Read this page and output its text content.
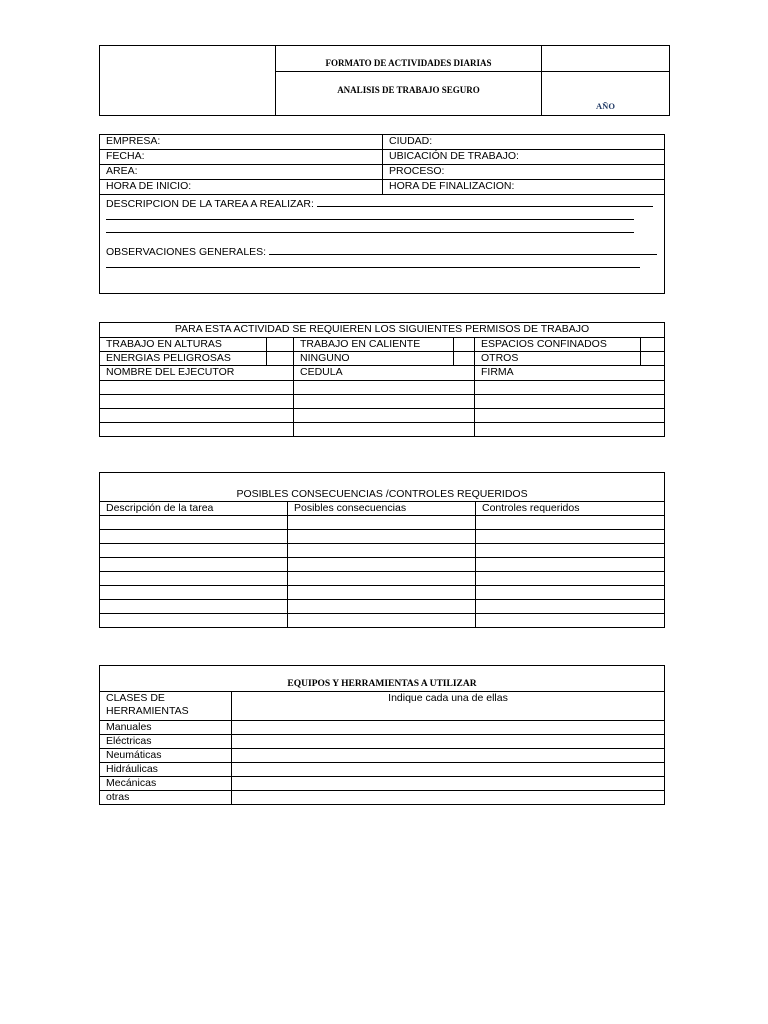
	FORMATO DE ACTIVIDADES DIARIAS	
	ANALISIS DE TRABAJO SEGURO	AÑO
EMPRESA:	CIUDAD:
FECHA:	UBICACIÓN DE TRABAJO:
AREA:	PROCESO:
HORA DE INICIO:	HORA DE FINALIZACION:

DESCRIPCION DE LA TAREA A REALIZAR:
OBSERVACIONES GENERALES:	
PARA ESTA ACTIVIDAD SE REQUIEREN LOS SIGUIENTES PERMISOS DE TRABAJO					
TRABAJO EN ALTURAS		TRABAJO EN CALIENTE		ESPACIOS CONFINADOS	
ENERGIAS PELIGROSAS		NINGUNO		OTROS	
NOMBRE DEL EJECUTOR		CEDULA		FIRMA	

POSIBLES CONSECUENCIAS /CONTROLES REQUERIDOS		
Descripción de la tarea	Posibles consecuencias	Controles requeridos

EQUIPOS Y HERRAMIENTAS A UTILIZAR	

CLASES DE
HERRAMIENTAS	Indique cada una de ellas
Manuales	
Eléctricas	
Neumáticas	
Hidráulicas	
Mecánicas	
otras	
